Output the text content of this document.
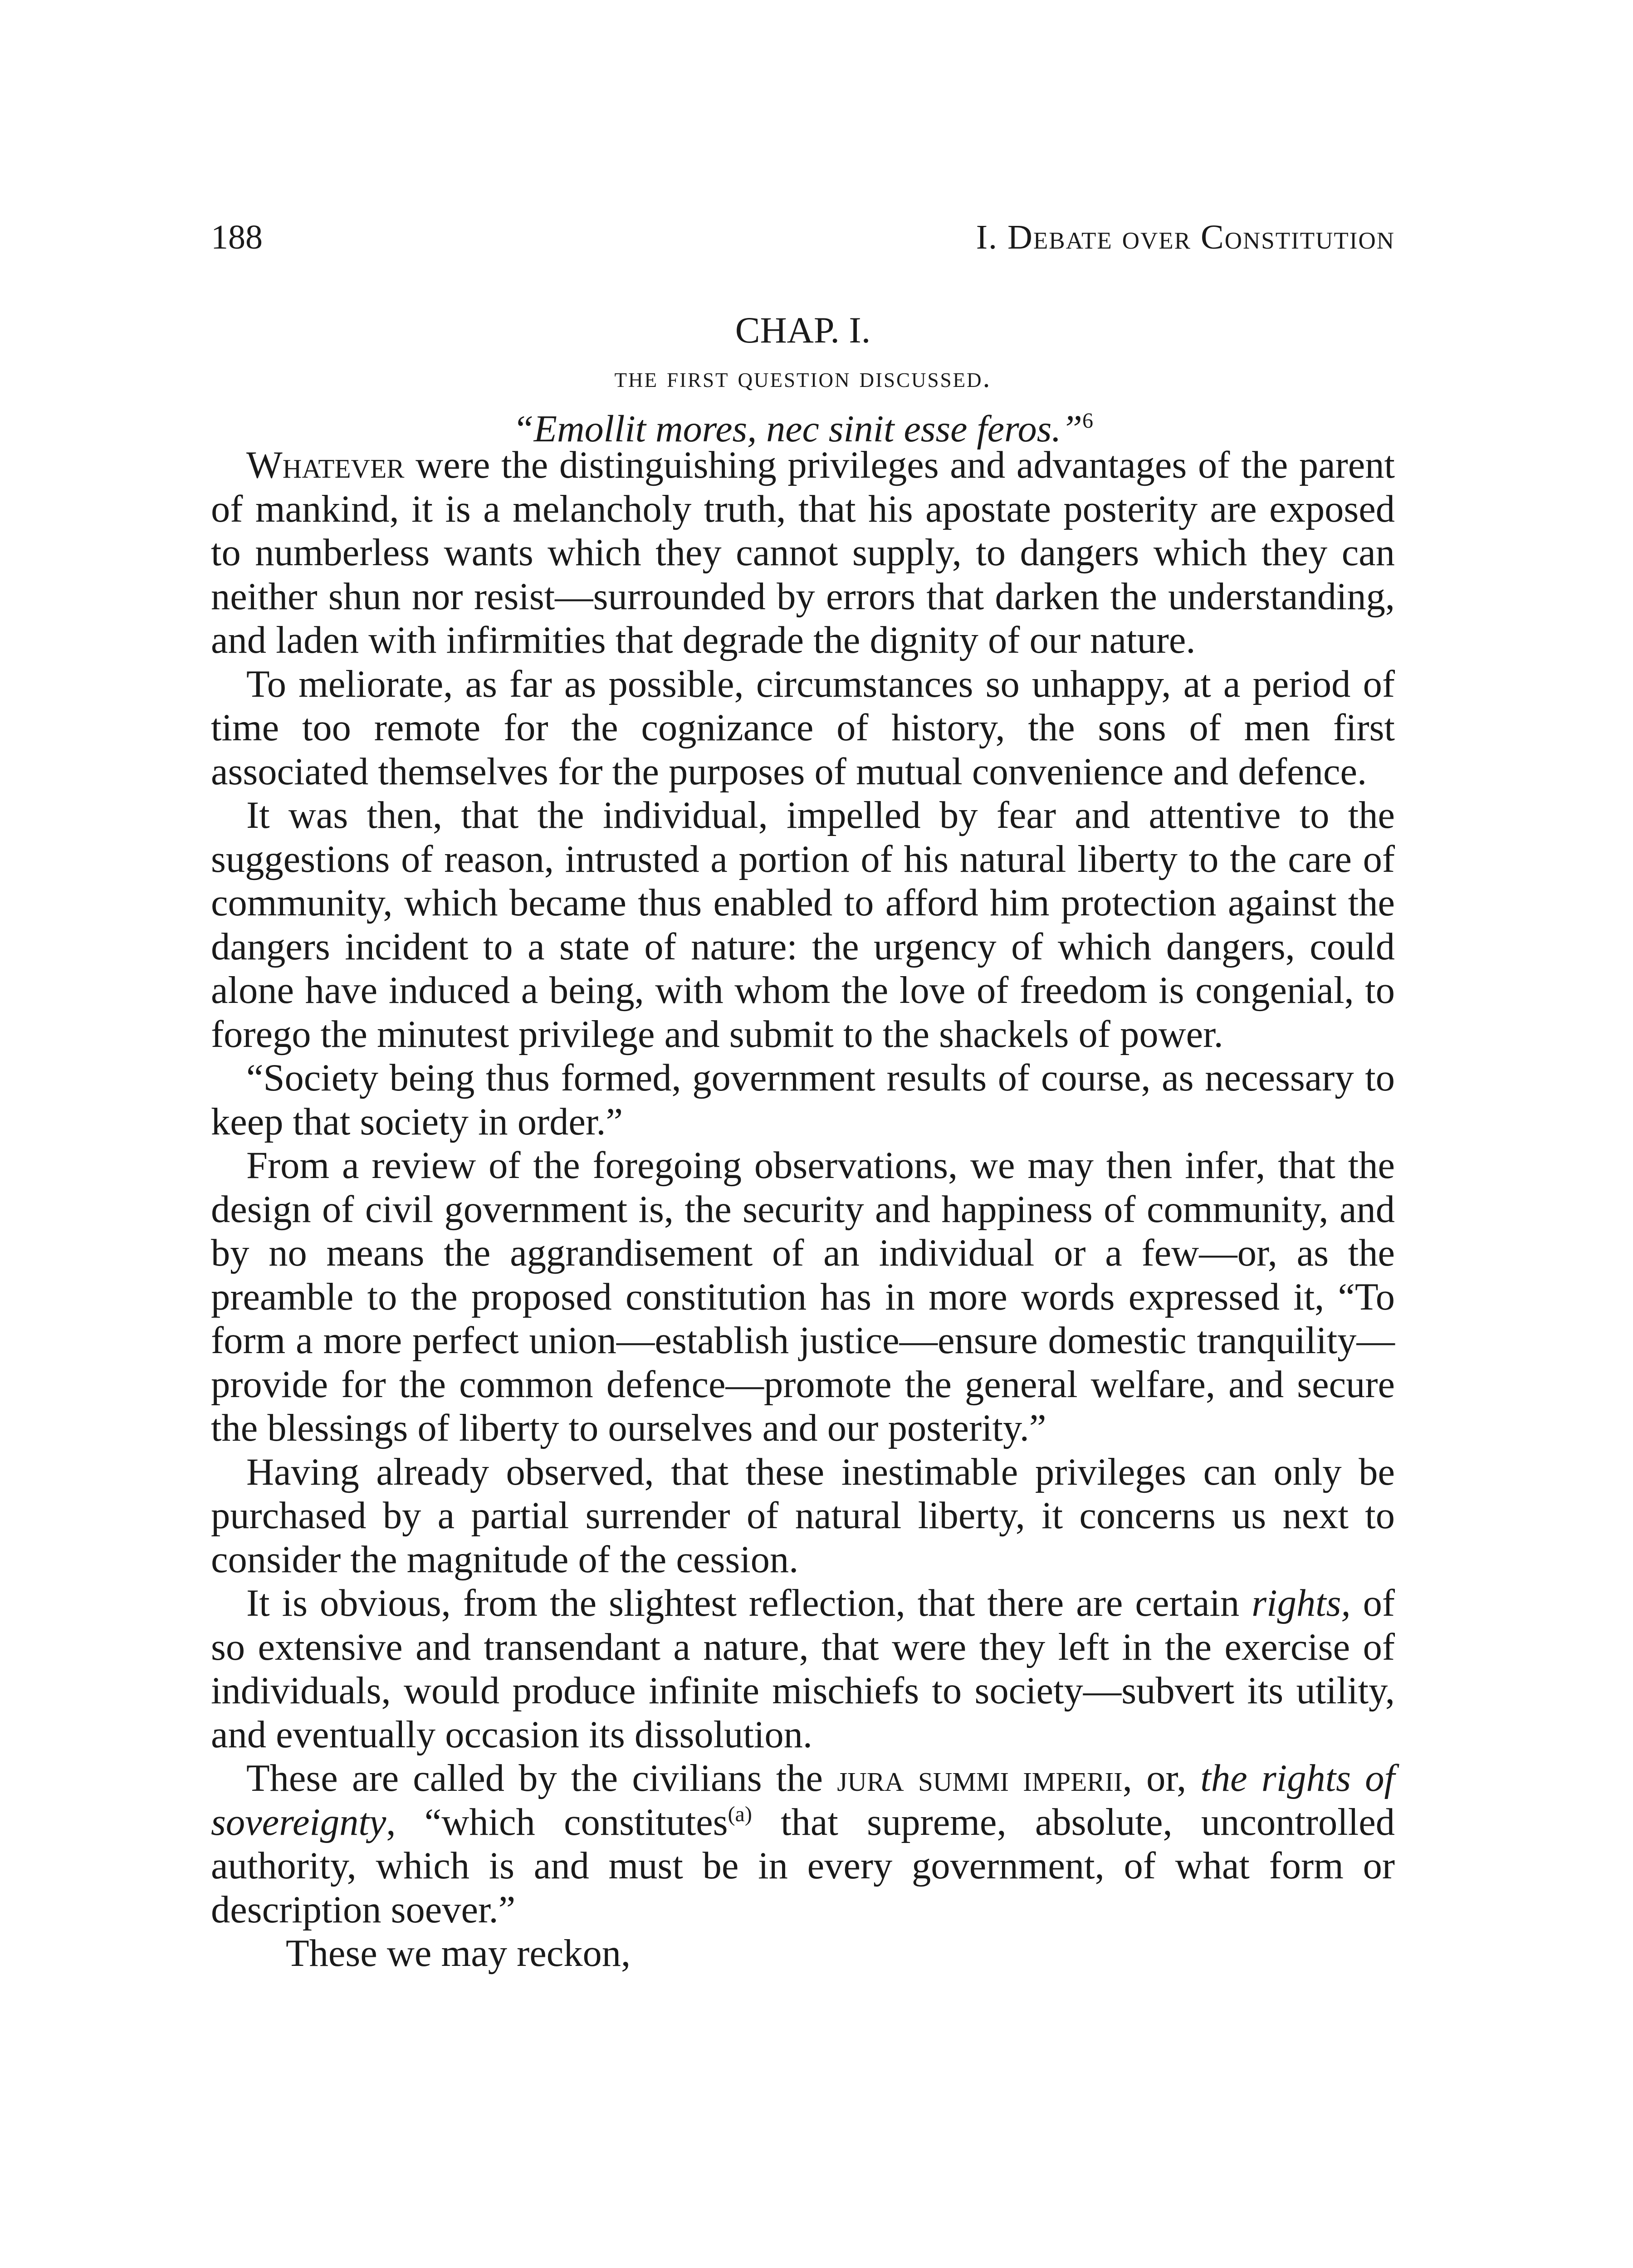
188	I. Debate over Constitution
CHAP. I.
the first question discussed.
“Emollit mores, nec sinit esse feros.”$^6$

Whatever were the distinguishing privileges and advantages of the parent of mankind, it is a melancholy truth, that his apostate posterity are exposed to numberless wants which they cannot supply, to dangers which they can neither shun nor resist—surrounded by errors that darken the understanding, and laden with infirmities that degrade the dignity of our nature.

To meliorate, as far as possible, circumstances so unhappy, at a period of time too remote for the cognizance of history, the sons of men first associated themselves for the purposes of mutual convenience and defence.

It was then, that the individual, impelled by fear and attentive to the suggestions of reason, intrusted a portion of his natural liberty to the care of community, which became thus enabled to afford him protection against the dangers incident to a state of nature: the urgency of which dangers, could alone have induced a being, with whom the love of freedom is congenial, to forego the minutest privilege and submit to the shackels of power.

“Society being thus formed, government results of course, as necessary to keep that society in order.”

From a review of the foregoing observations, we may then infer, that the design of civil government is, the security and happiness of community, and by no means the aggrandisement of an individual or a few—or, as the preamble to the proposed constitution has in more words expressed it, “To form a more perfect union—establish justice—ensure domestic tranquility—provide for the common defence—promote the general welfare, and secure the blessings of liberty to ourselves and our posterity.”

Having already observed, that these inestimable privileges can only be purchased by a partial surrender of natural liberty, it concerns us next to consider the magnitude of the cession.

It is obvious, from the slightest reflection, that there are certain rights, of so extensive and transendant a nature, that were they left in the exercise of individuals, would produce infinite mischiefs to society—subvert its utility, and eventually occasion its dissolution.

These are called by the civilians the jura summi imperii, or, the rights of sovereignty, “which constitutes$^{(a)}$ that supreme, absolute, uncontrolled authority, which is and must be in every government, of what form or description soever.”

These we may reckon,
